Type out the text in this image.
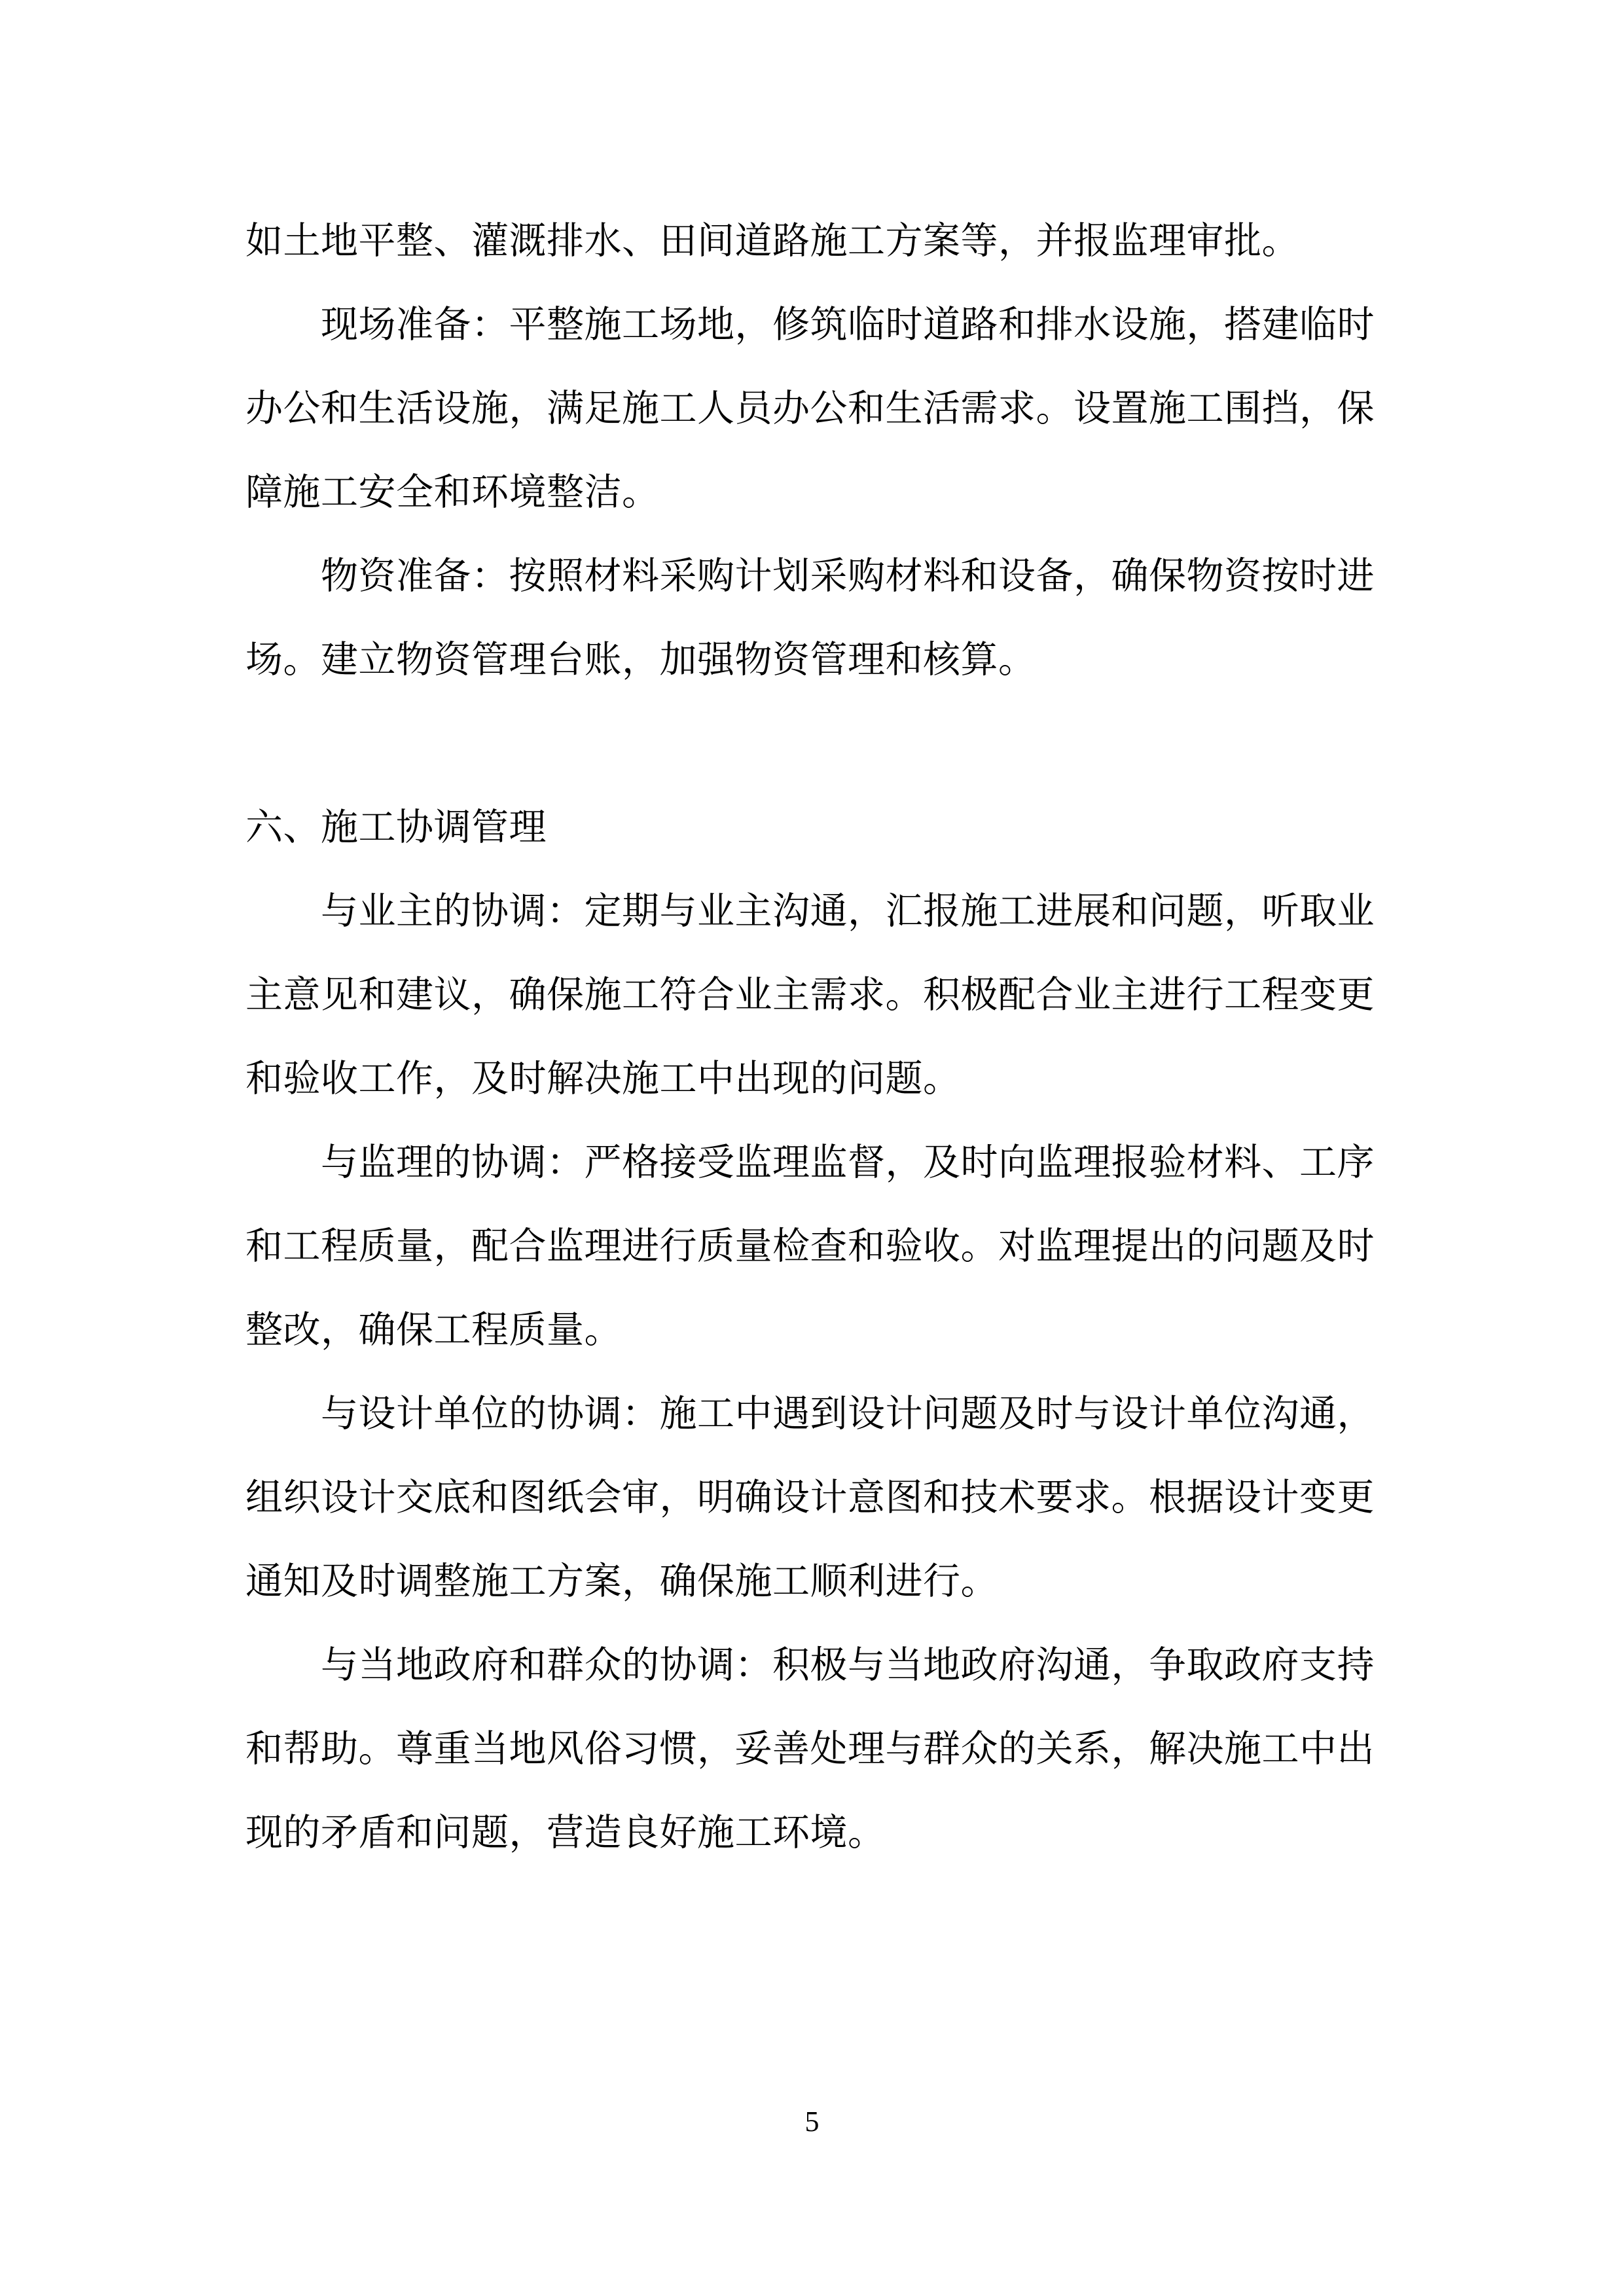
如土地平整、灌溉排水、田间道路施工方案等，并报监理审批。
现场准备：平整施工场地，修筑临时道路和排水设施，搭建临时
办公和生活设施，满足施工人员办公和生活需求。设置施工围挡，保
障施工安全和环境整洁。
物资准备：按照材料采购计划采购材料和设备，确保物资按时进
场。建立物资管理台账，加强物资管理和核算。
六、施工协调管理
与业主的协调：定期与业主沟通，汇报施工进展和问题，听取业
主意见和建议，确保施工符合业主需求。积极配合业主进行工程变更
和验收工作，及时解决施工中出现的问题。
与监理的协调：严格接受监理监督，及时向监理报验材料、工序
和工程质量，配合监理进行质量检查和验收。对监理提出的问题及时
整改，确保工程质量。
与设计单位的协调：施工中遇到设计问题及时与设计单位沟通，
组织设计交底和图纸会审，明确设计意图和技术要求。根据设计变更
通知及时调整施工方案，确保施工顺利进行。
与当地政府和群众的协调：积极与当地政府沟通，争取政府支持
和帮助。尊重当地风俗习惯，妥善处理与群众的关系，解决施工中出
现的矛盾和问题，营造良好施工环境。
5
